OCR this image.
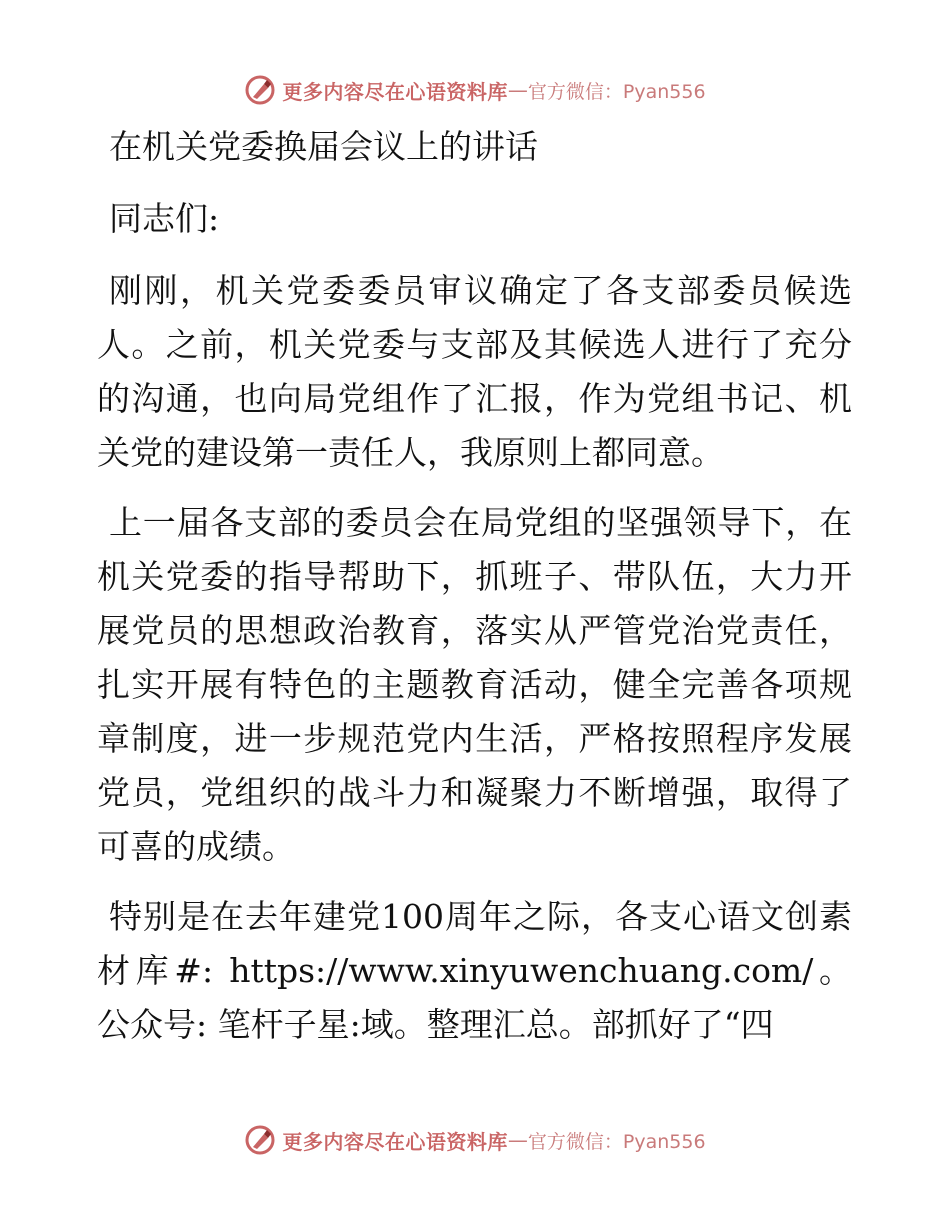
更多内容尽在心语资料库 — 官方微信：Pyan556
在机关党委换届会议上的讲话
同志们:

刚刚，机关党委委员审议确定了各支部委员候选人。之前，机关党委与支部及其候选人进行了充分的沟通，也向局党组作了汇报，作为党组书记、机关党的建设第一责任人，我原则上都同意。

上一届各支部的委员会在局党组的坚强领导下，在机关党委的指导帮助下，抓班子、带队伍，大力开展党员的思想政治教育，落实从严管党治党责任，扎实开展有特色的主题教育活动，健全完善各项规章制度，进一步规范党内生活，严格按照程序发展党员，党组织的战斗力和凝聚力不断增强，取得了可喜的成绩。

特别是在去年建党100周年之际，各支心语文创素材库#: https://www.xinyuwenchuang.com/。公众号: 笔杆子星:域。整理汇总。部抓好了“四

更多内容尽在心语资料库 — 官方微信：Pyan556
